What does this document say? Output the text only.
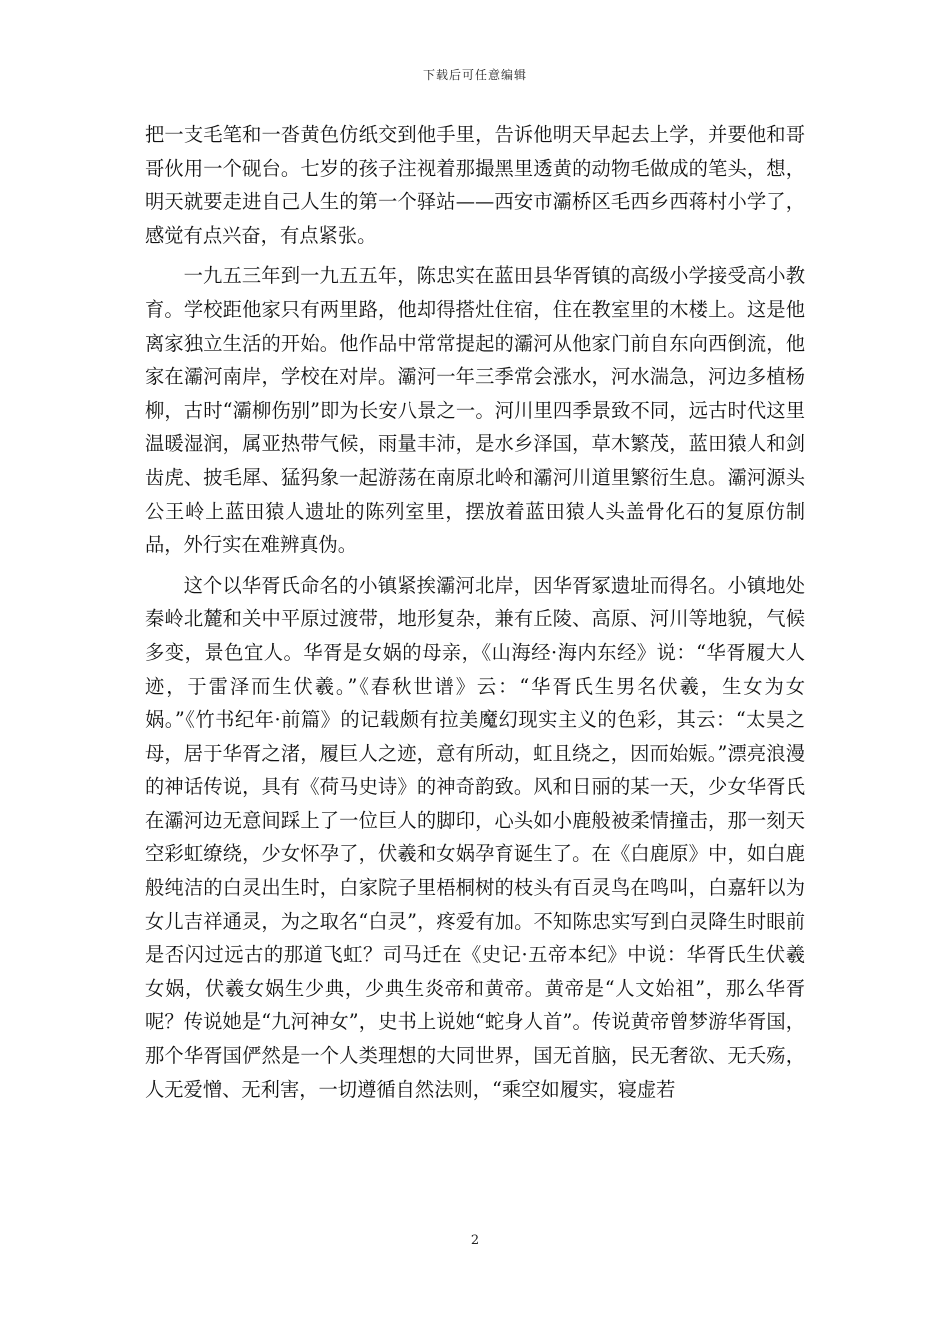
下载后可任意编辑

把一支毛笔和一沓黄色仿纸交到他手里，告诉他明天早起去上学，并要他和哥哥伙用一个砚台。七岁的孩子注视着那撮黑里透黄的动物毛做成的笔头，想，明天就要走进自己人生的第一个驿站——西安市灞桥区毛西乡西蒋村小学了，感觉有点兴奋，有点紧张。

一九五三年到一九五五年，陈忠实在蓝田县华胥镇的高级小学接受高小教育。学校距他家只有两里路，他却得搭灶住宿，住在教室里的木楼上。这是他离家独立生活的开始。他作品中常常提起的灞河从他家门前自东向西倒流，他家在灞河南岸，学校在对岸。灞河一年三季常会涨水，河水湍急，河边多植杨柳，古时“灞柳伤别”即为长安八景之一。河川里四季景致不同，远古时代这里温暖湿润，属亚热带气候，雨量丰沛，是水乡泽国，草木繁茂，蓝田猿人和剑齿虎、披毛犀、猛犸象一起游荡在南原北岭和灞河川道里繁衍生息。灞河源头公王岭上蓝田猿人遗址的陈列室里，摆放着蓝田猿人头盖骨化石的复原仿制品，外行实在难辨真伪。

这个以华胥氏命名的小镇紧挨灞河北岸，因华胥冢遗址而得名。小镇地处秦岭北麓和关中平原过渡带，地形复杂，兼有丘陵、高原、河川等地貌，气候多变，景色宜人。华胥是女娲的母亲，《山海经·海内东经》说：“华胥履大人迹，于雷泽而生伏羲。”《春秋世谱》云：“华胥氏生男名伏羲，生女为女娲。”《竹书纪年·前篇》的记载颇有拉美魔幻现实主义的色彩，其云：“太昊之母，居于华胥之渚，履巨人之迹，意有所动，虹且绕之，因而始娠。”漂亮浪漫的神话传说，具有《荷马史诗》的神奇韵致。风和日丽的某一天，少女华胥氏在灞河边无意间踩上了一位巨人的脚印，心头如小鹿般被柔情撞击，那一刻天空彩虹缭绕，少女怀孕了，伏羲和女娲孕育诞生了。在《白鹿原》中，如白鹿般纯洁的白灵出生时，白家院子里梧桐树的枝头有百灵鸟在鸣叫，白嘉轩以为女儿吉祥通灵，为之取名“白灵”，疼爱有加。不知陈忠实写到白灵降生时眼前是否闪过远古的那道飞虹？司马迁在《史记·五帝本纪》中说：华胥氏生伏羲女娲，伏羲女娲生少典，少典生炎帝和黄帝。黄帝是“人文始祖”，那么华胥呢？传说她是“九河神女”，史书上说她“蛇身人首”。传说黄帝曾梦游华胥国，那个华胥国俨然是一个人类理想的大同世界，国无首脑，民无奢欲、无夭殇，人无爱憎、无利害，一切遵循自然法则，“乘空如履实，寝虚若

2
